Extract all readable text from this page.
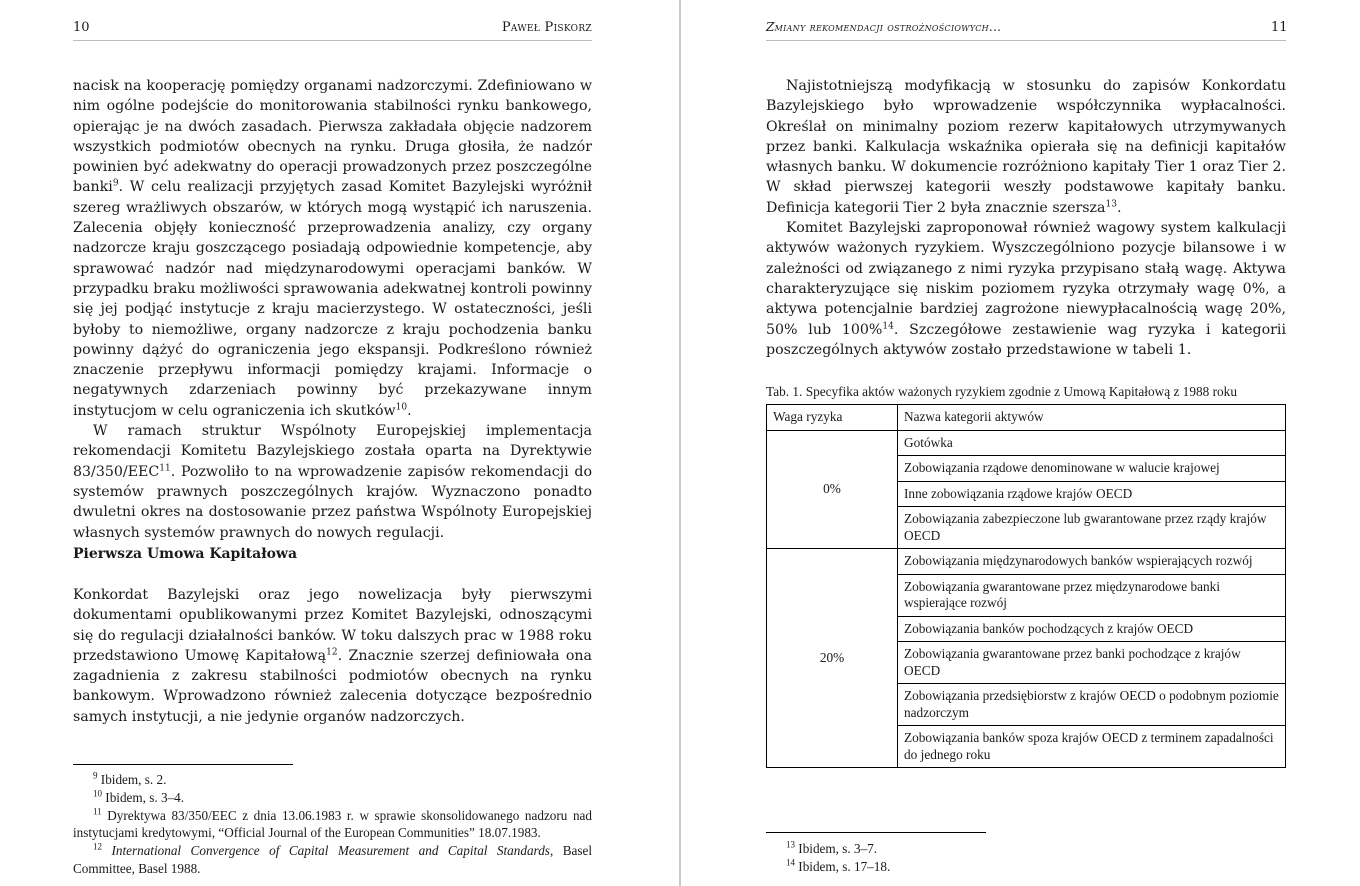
10	Paweł Piskorz

nacisk na kooperację pomiędzy organami nadzorczymi. Zdefiniowano w nim ogólne podejście do monitorowania stabilności rynku bankowego, opierając je na dwóch zasadach. Pierwsza zakładała objęcie nadzorem wszystkich podmiotów obecnych na rynku. Druga głosiła, że nadzór powinien być adekwatny do operacji prowadzonych przez poszczególne banki$^9$. W celu realizacji przyjętych zasad Komitet Bazylejski wyróżnił szereg wrażliwych obszarów, w których mogą wystąpić ich naruszenia. Zalecenia objęły konieczność przeprowadzenia analizy, czy organy nadzorcze kraju goszczącego posiadają odpowiednie kompetencje, aby sprawować nadzór nad międzynarodowymi operacjami banków. W przypadku braku możliwości sprawowania adekwatnej kontroli powinny się jej podjąć instytucje z kraju macierzystego. W ostateczności, jeśli byłoby to niemożliwe, organy nadzorcze z kraju pochodzenia banku powinny dążyć do ograniczenia jego ekspansji. Podkreślono również znaczenie przepływu informacji pomiędzy krajami. Informacje o negatywnych zdarzeniach powinny być przekazywane innym instytucjom w celu ograniczenia ich skutków$^{10}$.

W ramach struktur Wspólnoty Europejskiej implementacja rekomendacji Komitetu Bazylejskiego została oparta na Dyrektywie 83/350/EEC$^{11}$. Pozwoliło to na wprowadzenie zapisów rekomendacji do systemów prawnych poszczególnych krajów. Wyznaczono ponadto dwuletni okres na dostosowanie przez państwa Wspólnoty Europejskiej własnych systemów prawnych do nowych regulacji.

Pierwsza Umowa Kapitałowa

Konkordat Bazylejski oraz jego nowelizacja były pierwszymi dokumentami opublikowanymi przez Komitet Bazylejski, odnoszącymi się do regulacji działalności banków. W toku dalszych prac w 1988 roku przedstawiono Umowę Kapitałową$^{12}$. Znacznie szerzej definiowała ona zagadnienia z zakresu stabilności podmiotów obecnych na rynku bankowym. Wprowadzono również zalecenia dotyczące bezpośrednio samych instytucji, a nie jedynie organów nadzorczych.

$^9$ Ibidem, s. 2.

$^{10}$ Ibidem, s. 3–4.

$^{11}$ Dyrektywa 83/350/EEC z dnia 13.06.1983 r. w sprawie skonsolidowanego nadzoru nad instytucjami kredytowymi, “Official Journal of the European Communities” 18.07.1983.

$^{12}$ International Convergence of Capital Measurement and Capital Standards, Basel Committee, Basel 1988.

Zmiany rekomendacji ostrożnościowych...	11

Najistotniejszą modyfikacją w stosunku do zapisów Konkordatu Bazylejskiego było wprowadzenie współczynnika wypłacalności. Określał on minimalny poziom rezerw kapitałowych utrzymywanych przez banki. Kalkulacja wskaźnika opierała się na definicji kapitałów własnych banku. W dokumencie rozróżniono kapitały Tier 1 oraz Tier 2. W skład pierwszej kategorii weszły podstawowe kapitały banku. Definicja kategorii Tier 2 była znacznie szersza$^{13}$.

Komitet Bazylejski zaproponował również wagowy system kalkulacji aktywów ważonych ryzykiem. Wyszczególniono pozycje bilansowe i w zależności od związanego z nimi ryzyka przypisano stałą wagę. Aktywa charakteryzujące się niskim poziomem ryzyka otrzymały wagę 0%, a aktywa potencjalnie bardziej zagrożone niewypłacalnością wagę 20%, 50% lub 100%$^{14}$. Szczegółowe zestawienie wag ryzyka i kategorii poszczególnych aktywów zostało przedstawione w tabeli 1.

Tab. 1. Specyfika aktów ważonych ryzykiem zgodnie z Umową Kapitałową z 1988 roku

Waga ryzyka	Nazwa kategorii aktywów
0%	Gotówka
	Zobowiązania rządowe denominowane w walucie krajowej
	Inne zobowiązania rządowe krajów OECD
	Zobowiązania zabezpieczone lub gwarantowane przez rządy krajów OECD
20%	Zobowiązania międzynarodowych banków wspierających rozwój
	Zobowiązania gwarantowane przez międzynarodowe banki wspierające rozwój
	Zobowiązania banków pochodzących z krajów OECD
	Zobowiązania gwarantowane przez banki pochodzące z krajów OECD
	Zobowiązania przedsiębiorstw z krajów OECD o podobnym poziomie nadzorczym
	Zobowiązania banków spoza krajów OECD z terminem zapadalności do jednego roku

$^{13}$ Ibidem, s. 3–7.

$^{14}$ Ibidem, s. 17–18.
